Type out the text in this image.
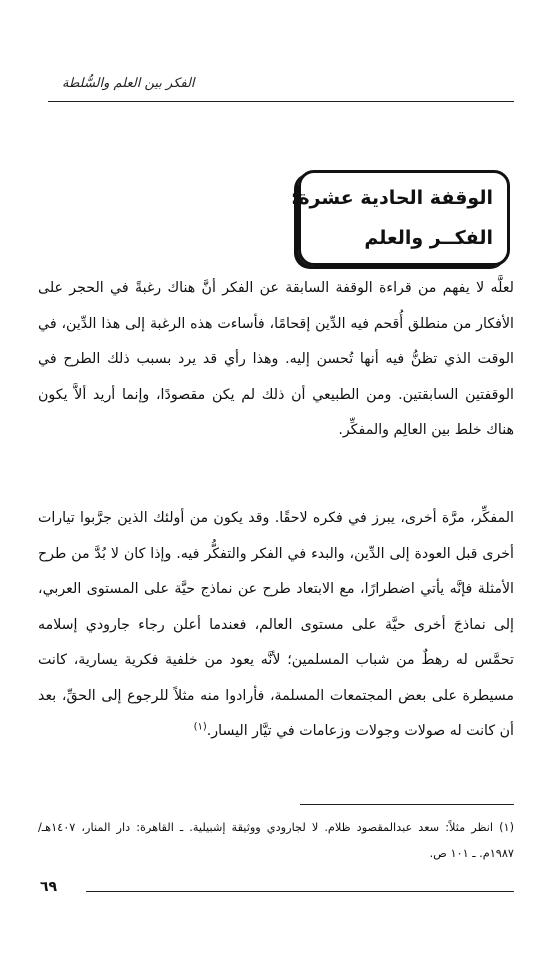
الفكر بين العلم والسُّلطة
الوقفة الحادية عشرة:
الفكــر والعلم

لعلَّه لا يفهم من قراءة الوقفة السابقة عن الفكر أنَّ هناك رغبةً في الحجر على الأفكار من منطلق أُقحم فيه الدِّين إقحامًا، فأساءت هذه الرغبة إلى هذا الدِّين، في الوقت الذي تظنُّ فيه أنها تُحسن إليه. وهذا رأي قد يرد بسبب ذلك الطرح في الوقفتين السابقتين. ومن الطبيعي أن ذلك لم يكن مقصودًا، وإنما أريد ألاَّ يكون هناك خلط بين العالِم والمفكِّر.

المفكِّر، مرَّة أخرى، يبرز في فكره لاحقًا. وقد يكون من أولئك الذين جرَّبوا تيارات أخرى قبل العودة إلى الدِّين، والبدء في الفكر والتفكُّر فيه. وإذا كان لا بُدَّ من طرح الأمثلة فإنَّه يأتي اضطرارًا، مع الابتعاد طرح عن نماذج حيَّة على المستوى العربي، إلى نماذجَ أخرى حيَّة على مستوى العالم، فعندما أعلن رجاء جارودي إسلامه تحمَّس له رهطٌ من شباب المسلمين؛ لأنَّه يعود من خلفية فكرية يسارية، كانت مسيطرة على بعض المجتمعات المسلمة، فأرادوا منه مثلاً للرجوع إلى الحقِّ، بعد أن كانت له صولات وجولات وزعامات في تيَّار اليسار.$^{(١)}$

(١) انظر مثلاً: سعد عبدالمقصود ظلام. لا لجارودي ووثيقة إشبيلية. ـ القاهرة: دار المنار، ١٤٠٧هـ/ ١٩٨٧م. ـ ١٠١ ص.

٦٩
